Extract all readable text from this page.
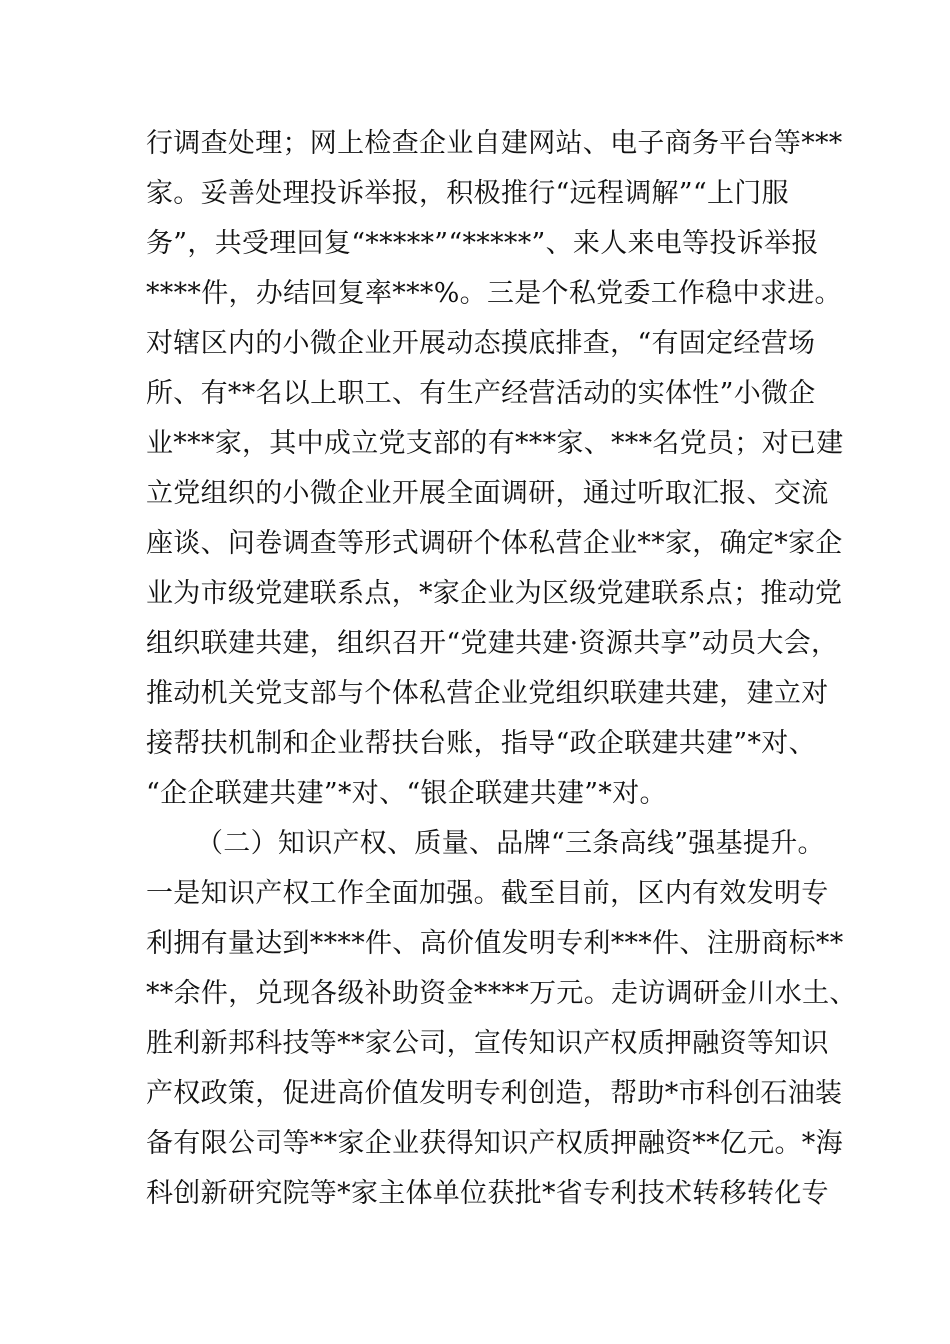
行调查处理；网上检查企业自建网站、电子商务平台等***
家。妥善处理投诉举报，积极推行“远程调解”“上门服
务”，共受理回复“*****”“*****”、来人来电等投诉举报
****件，办结回复率***%。三是个私党委工作稳中求进。
对辖区内的小微企业开展动态摸底排查，“有固定经营场
所、有**名以上职工、有生产经营活动的实体性”小微企
业***家，其中成立党支部的有***家、***名党员；对已建
立党组织的小微企业开展全面调研，通过听取汇报、交流
座谈、问卷调查等形式调研个体私营企业**家，确定*家企
业为市级党建联系点，*家企业为区级党建联系点；推动党
组织联建共建，组织召开“党建共建·资源共享”动员大会，
推动机关党支部与个体私营企业党组织联建共建，建立对
接帮扶机制和企业帮扶台账，指导“政企联建共建”*对、
“企企联建共建”*对、“银企联建共建”*对。
（二）知识产权、质量、品牌“三条高线”强基提升。
一是知识产权工作全面加强。截至目前，区内有效发明专
利拥有量达到****件、高价值发明专利***件、注册商标**
**余件，兑现各级补助资金****万元。走访调研金川水土、
胜利新邦科技等**家公司，宣传知识产权质押融资等知识
产权政策，促进高价值发明专利创造，帮助*市科创石油装
备有限公司等**家企业获得知识产权质押融资**亿元。*海
科创新研究院等*家主体单位获批*省专利技术转移转化专
